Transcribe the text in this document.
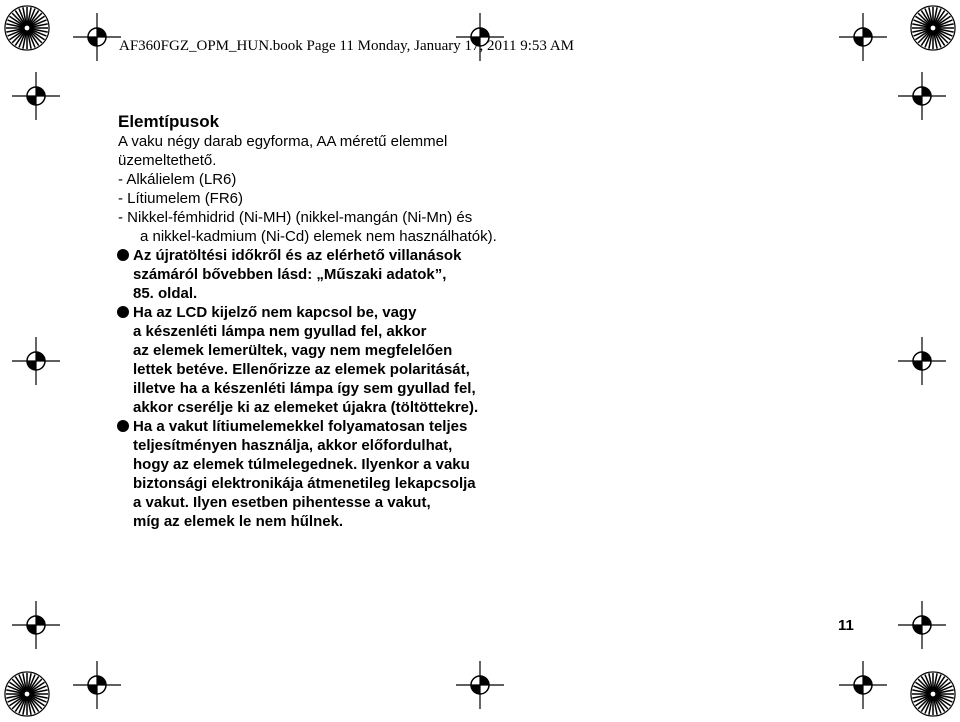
AF360FGZ_OPM_HUN.book Page 11 Monday, January 17, 2011 9:53 AM
Elemtípusok
A vaku négy darab egyforma, AA méretű elemmel
üzemeltethető.
- Alkálielem (LR6)
- Lítiumelem (FR6)
- Nikkel-fémhidrid (Ni-MH) (nikkel-mangán (Ni-Mn) és
a nikkel-kadmium (Ni-Cd) elemek nem használhatók).
Az újratöltési időkről és az elérhető villanások
számáról bővebben lásd: „Műszaki adatok”,
85. oldal.
Ha az LCD kijelző nem kapcsol be, vagy
a készenléti lámpa nem gyullad fel, akkor
az elemek lemerültek, vagy nem megfelelően
lettek betéve. Ellenőrizze az elemek polaritását,
illetve ha a készenléti lámpa így sem gyullad fel,
akkor cserélje ki az elemeket újakra (töltöttekre).
Ha a vakut lítiumelemekkel folyamatosan teljes
teljesítményen használja, akkor előfordulhat,
hogy az elemek túlmelegednek. Ilyenkor a vaku
biztonsági elektronikája átmenetileg lekapcsolja
a vakut. Ilyen esetben pihentesse a vakut,
míg az elemek le nem hűlnek.
11
